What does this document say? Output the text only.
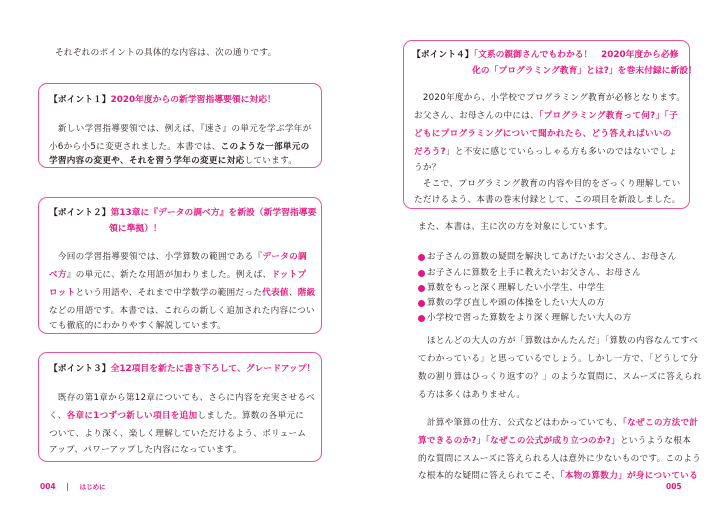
それぞれのポイントの具体的な内容は、次の通りです。
【ポイント１】2020年度からの新学習指導要領に対応！
　新しい学習指導要領では、例えば、『速さ』の単元を学ぶ学年が
小6から小5に変更されました。本書では、このような一部単元の
学習内容の変更や、それを習う学年の変更に対応しています。
【ポイント２】第13章に『データの調べ方』を新設（新学習指導要
領に準拠）！
　今回の学習指導要領では、小学算数の範囲である『データの調
べ方』の単元に、新たな用語が加わりました。例えば、ドットプ
ロットという用語や、それまで中学数学の範囲だった代表値、階級
などの用語です。本書では、これらの新しく追加された内容につい
ても徹底的にわかりやすく解説しています。
【ポイント３】全12項目を新たに書き下ろして、グレードアップ！
　既存の第1章から第12章についても、さらに内容を充実させるべ
く、各章に1つずつ新しい項目を追加しました。算数の各単元に
ついて、より深く、楽しく理解していただけるよう、ボリューム
アップ、パワーアップした内容になっています。
004 | はじめに
【ポイント４】「文系の親御さんでもわかる！　2020年度から必修
化の「プログラミング教育」とは?」を巻末付録に新設！
　2020年度から、小学校でプログラミング教育が必修となります。
お父さん、お母さんの中には、「プログラミング教育って何?」「子
どもにプログラミングについて聞かれたら、どう答えればいいの
だろう?」と不安に感じていらっしゃる方も多いのではないでしょ
うか？
　そこで、プログラミング教育の内容や目的をざっくり理解してい
ただけるよう、本書の巻末付録として、この項目を新設しました。
また、本書は、主に次の方を対象にしています。
お子さんの算数の疑問を解決してあげたいお父さん、お母さん
お子さんに算数を上手に教えたいお父さん、お母さん
算数をもっと深く理解したい小学生、中学生
算数の学び直しや頭の体操をしたい大人の方
小学校で習った算数をより深く理解したい大人の方
　ほとんどの大人の方が「算数はかんたんだ」「算数の内容なんてすべ
てわかっている」と思っているでしょう。しかし一方で、「どうして分
数の割り算はひっくり返すの？」のような質問に、スムーズに答えられ
る方は多くはありません。
　計算や筆算の仕方、公式などはわかっていても、「なぜこの方法で計
算できるのか?」「なぜこの公式が成り立つのか?」というような根本
的な質問にスムーズに答えられる人は意外に少ないものです。このよう
な根本的な疑問に答えられてこそ、「本物の算数力」が身についている
005
